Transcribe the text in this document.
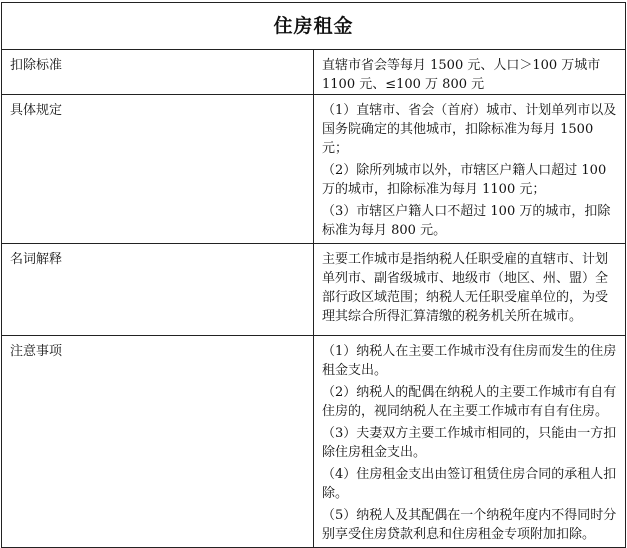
住房租金	
扣除标准	直辖市省会等每月 1500 元、人口＞100 万城市 1100 元、≤100 万 800 元

具体规定	（1）直辖市、省会（首府）城市、计划单列市以及国务院确定的其他城市，扣除标准为每月 1500 元；

（2）除所列城市以外，市辖区户籍人口超过 100 万的城市，扣除标准为每月 1100 元；

（3）市辖区户籍人口不超过 100 万的城市，扣除标准为每月 800 元。

名词解释	主要工作城市是指纳税人任职受雇的直辖市、计划单列市、副省级城市、地级市（地区、州、盟）全部行政区域范围；纳税人无任职受雇单位的，为受理其综合所得汇算清缴的税务机关所在城市。

注意事项	（1）纳税人在主要工作城市没有住房而发生的住房租金支出。

（2）纳税人的配偶在纳税人的主要工作城市有自有住房的，视同纳税人在主要工作城市有自有住房。

（3）夫妻双方主要工作城市相同的，只能由一方扣除住房租金支出。

（4）住房租金支出由签订租赁住房合同的承租人扣除。

（5）纳税人及其配偶在一个纳税年度内不得同时分别享受住房贷款利息和住房租金专项附加扣除。
